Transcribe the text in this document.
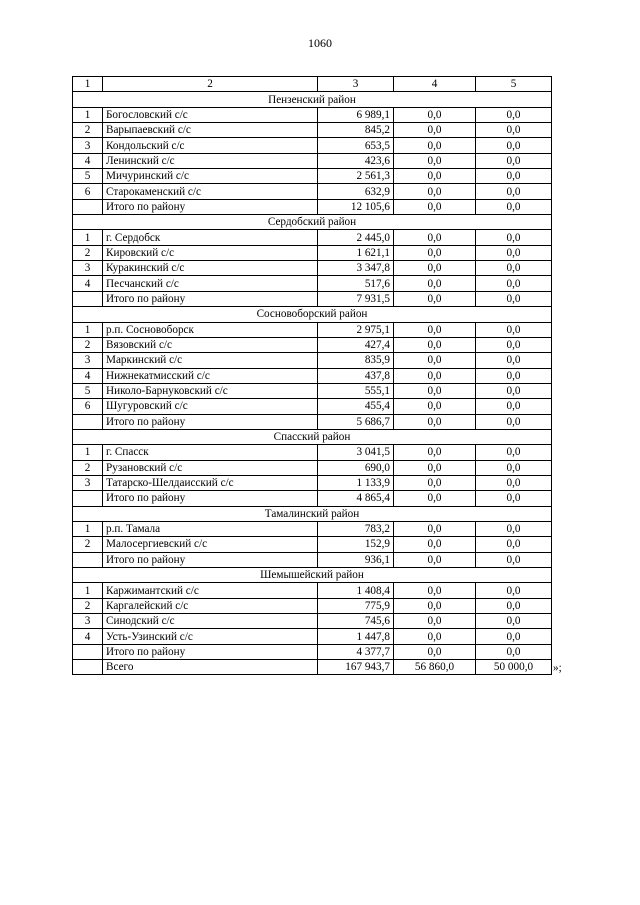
1060
1	2	3	4	5
Пензенский район				
1	Богословский с/с	6 989,1	0,0	0,0
2	Варыпаевский с/с	845,2	0,0	0,0
3	Кондольский с/с	653,5	0,0	0,0
4	Ленинский с/с	423,6	0,0	0,0
5	Мичуринский с/с	2 561,3	0,0	0,0
6	Старокаменский с/с	632,9	0,0	0,0
	Итого по району	12 105,6	0,0	0,0
Сердобский район				
1	г. Сердобск	2 445,0	0,0	0,0
2	Кировский с/с	1 621,1	0,0	0,0
3	Куракинский с/с	3 347,8	0,0	0,0
4	Песчанский с/с	517,6	0,0	0,0
	Итого по району	7 931,5	0,0	0,0
Сосновоборский район				
1	р.п. Сосновоборск	2 975,1	0,0	0,0
2	Вязовский с/с	427,4	0,0	0,0
3	Маркинский с/с	835,9	0,0	0,0
4	Нижнекатмисский с/с	437,8	0,0	0,0
5	Николо-Барнуковский с/с	555,1	0,0	0,0
6	Шугуровский с/с	455,4	0,0	0,0
	Итого по району	5 686,7	0,0	0,0
Спасский район				
1	г. Спасск	3 041,5	0,0	0,0
2	Рузановский с/с	690,0	0,0	0,0
3	Татарско-Шелдаисский с/с	1 133,9	0,0	0,0
	Итого по району	4 865,4	0,0	0,0
Тамалинский район				
1	р.п. Тамала	783,2	0,0	0,0
2	Малосергиевский с/с	152,9	0,0	0,0
	Итого по району	936,1	0,0	0,0
Шемышейский район				
1	Каржимантский с/с	1 408,4	0,0	0,0
2	Каргалейский с/с	775,9	0,0	0,0
3	Синодский с/с	745,6	0,0	0,0
4	Усть-Узинский с/с	1 447,8	0,0	0,0
	Итого по району	4 377,7	0,0	0,0
	Всего	167 943,7	56 860,0	50 000,0 »;
